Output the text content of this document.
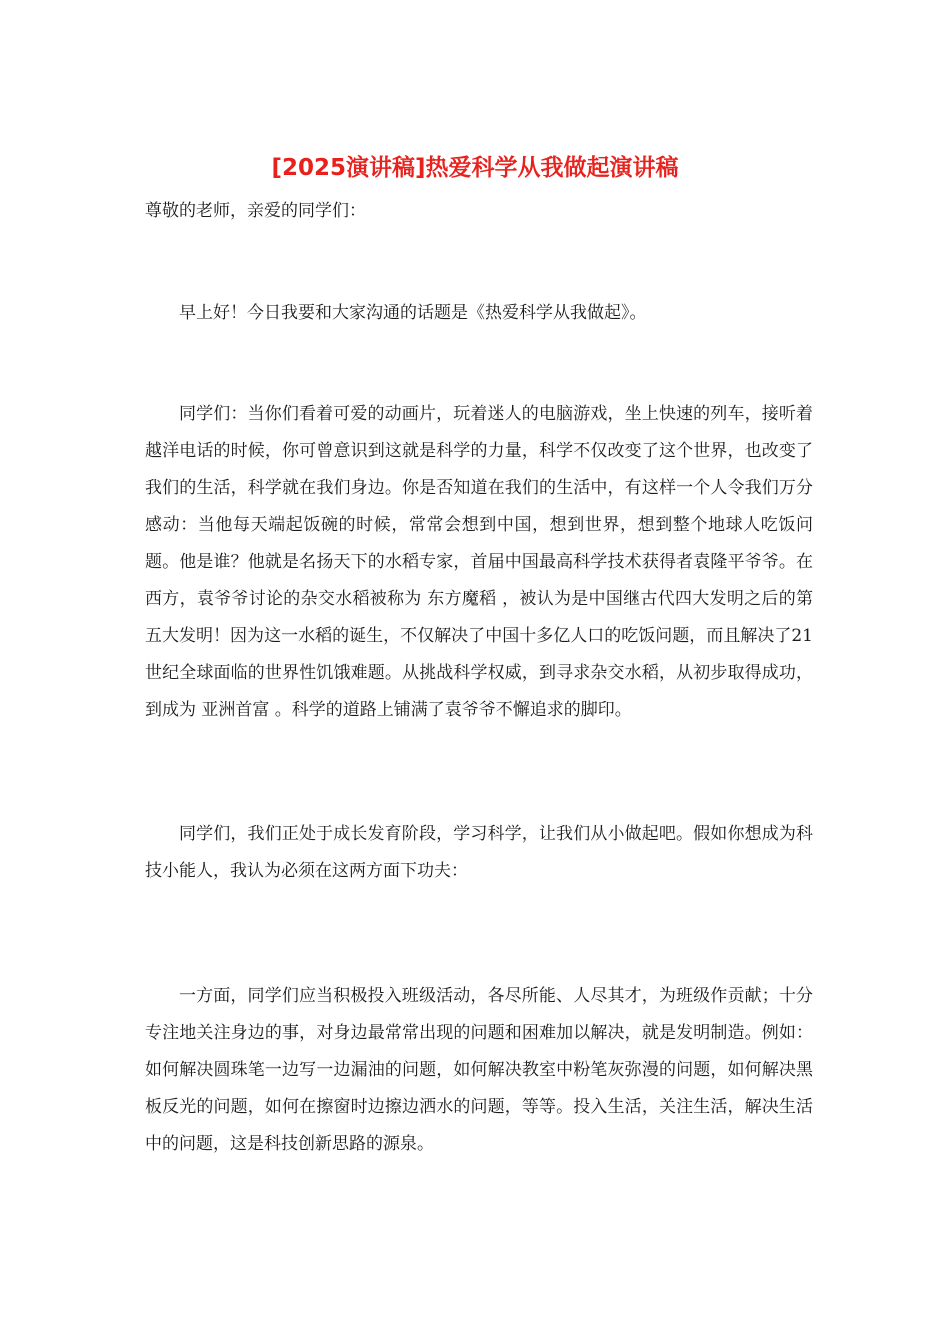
[2025演讲稿]热爱科学从我做起演讲稿

尊敬的老师，亲爱的同学们：

早上好！今日我要和大家沟通的话题是《热爱科学从我做起》。

同学们：当你们看着可爱的动画片，玩着迷人的电脑游戏，坐上快速的列车，接听着越洋电话的时候，你可曾意识到这就是科学的力量，科学不仅改变了这个世界，也改变了我们的生活，科学就在我们身边。你是否知道在我们的生活中，有这样一个人令我们万分感动：当他每天端起饭碗的时候，常常会想到中国，想到世界，想到整个地球人吃饭问题。他是谁？他就是名扬天下的水稻专家，首届中国最高科学技术获得者袁隆平爷爷。在西方，袁爷爷讨论的杂交水稻被称为 东方魔稻 ，被认为是中国继古代四大发明之后的第五大发明！因为这一水稻的诞生，不仅解决了中国十多亿人口的吃饭问题，而且解决了21世纪全球面临的世界性饥饿难题。从挑战科学权威，到寻求杂交水稻，从初步取得成功，到成为 亚洲首富 。科学的道路上铺满了袁爷爷不懈追求的脚印。

同学们，我们正处于成长发育阶段，学习科学，让我们从小做起吧。假如你想成为科技小能人，我认为必须在这两方面下功夫：

一方面，同学们应当积极投入班级活动，各尽所能、人尽其才，为班级作贡献；十分专注地关注身边的事，对身边最常常出现的问题和困难加以解决，就是发明制造。例如：如何解决圆珠笔一边写一边漏油的问题，如何解决教室中粉笔灰弥漫的问题，如何解决黑板反光的问题，如何在擦窗时边擦边洒水的问题，等等。投入生活，关注生活，解决生活中的问题，这是科技创新思路的源泉。
